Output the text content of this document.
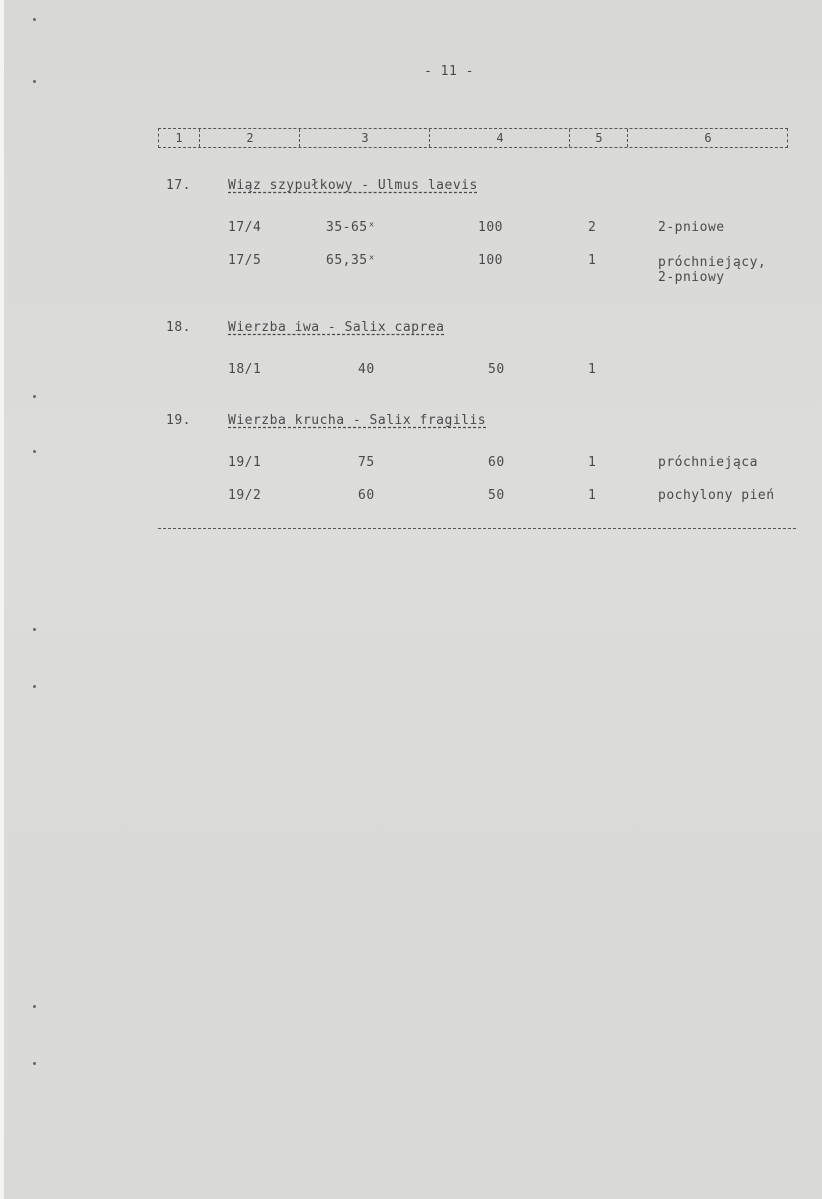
- 11 -
1	2	3	4	5	6
17.	Wiąz szypułkowy - Ulmus laevis
17/4	35-65ˣ	100	2	2-pniowe
17/5	65,35ˣ	100	1	próchniejący,
2-pniowy
18.	Wierzba iwa - Salix caprea
18/1	40	50	1
19.	Wierzba krucha - Salix fragilis
19/1	75	60	1	próchniejąca
19/2	60	50	1	pochylony pień
